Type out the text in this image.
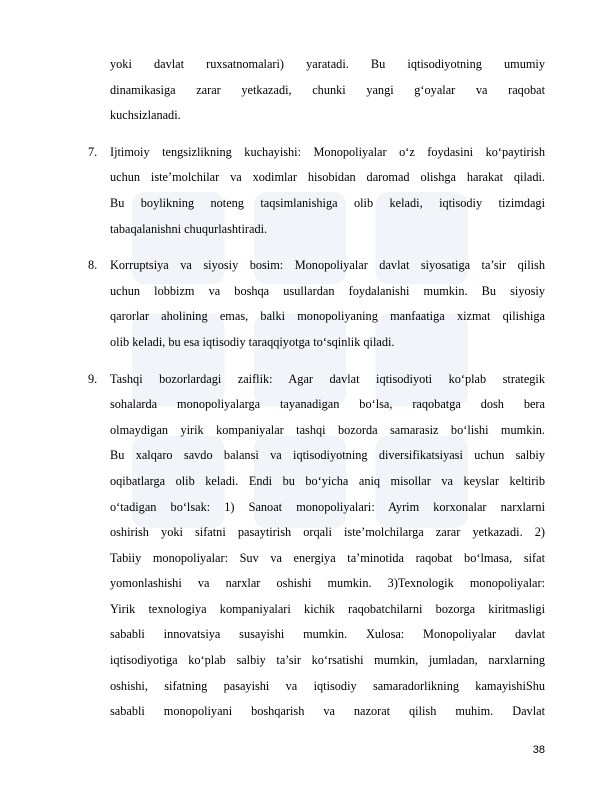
yoki davlat ruxsatnomalari) yaratadi. Bu iqtisodiyotning umumiy

dinamikasiga zarar yetkazadi, chunki yangi g‘oyalar va raqobat

kuchsizlanadi.

7. Ijtimoiy tengsizlikning kuchayishi: Monopoliyalar o‘z foydasini ko‘paytirish

uchun iste’molchilar va xodimlar hisobidan daromad olishga harakat qiladi.

Bu boylikning noteng taqsimlanishiga olib keladi, iqtisodiy tizimdagi

tabaqalanishni chuqurlashtiradi.

8. Korruptsiya va siyosiy bosim: Monopoliyalar davlat siyosatiga ta’sir qilish

uchun lobbizm va boshqa usullardan foydalanishi mumkin. Bu siyosiy

qarorlar aholining emas, balki monopoliyaning manfaatiga xizmat qilishiga

olib keladi, bu esa iqtisodiy taraqqiyotga to‘sqinlik qiladi.

9. Tashqi bozorlardagi zaiflik: Agar davlat iqtisodiyoti ko‘plab strategik

sohalarda monopoliyalarga tayanadigan bo‘lsa, raqobatga dosh bera

olmaydigan yirik kompaniyalar tashqi bozorda samarasiz bo‘lishi mumkin.

Bu xalqaro savdo balansi va iqtisodiyotning diversifikatsiyasi uchun salbiy

oqibatlarga olib keladi. Endi bu bo‘yicha aniq misollar va keyslar keltirib

o‘tadigan bo‘lsak: 1) Sanoat monopoliyalari: Ayrim korxonalar narxlarni

oshirish yoki sifatni pasaytirish orqali iste’molchilarga zarar yetkazadi. 2)

Tabiiy monopoliyalar: Suv va energiya ta’minotida raqobat bo‘lmasa, sifat

yomonlashishi va narxlar oshishi mumkin. 3)Texnologik monopoliyalar:

Yirik texnologiya kompaniyalari kichik raqobatchilarni bozorga kiritmasligi

sababli innovatsiya susayishi mumkin. Xulosa: Monopoliyalar davlat

iqtisodiyotiga ko‘plab salbiy ta’sir ko‘rsatishi mumkin, jumladan, narxlarning

oshishi, sifatning pasayishi va iqtisodiy samaradorlikning kamayishiShu

sababli monopoliyani boshqarish va nazorat qilish muhim. Davlat

38
